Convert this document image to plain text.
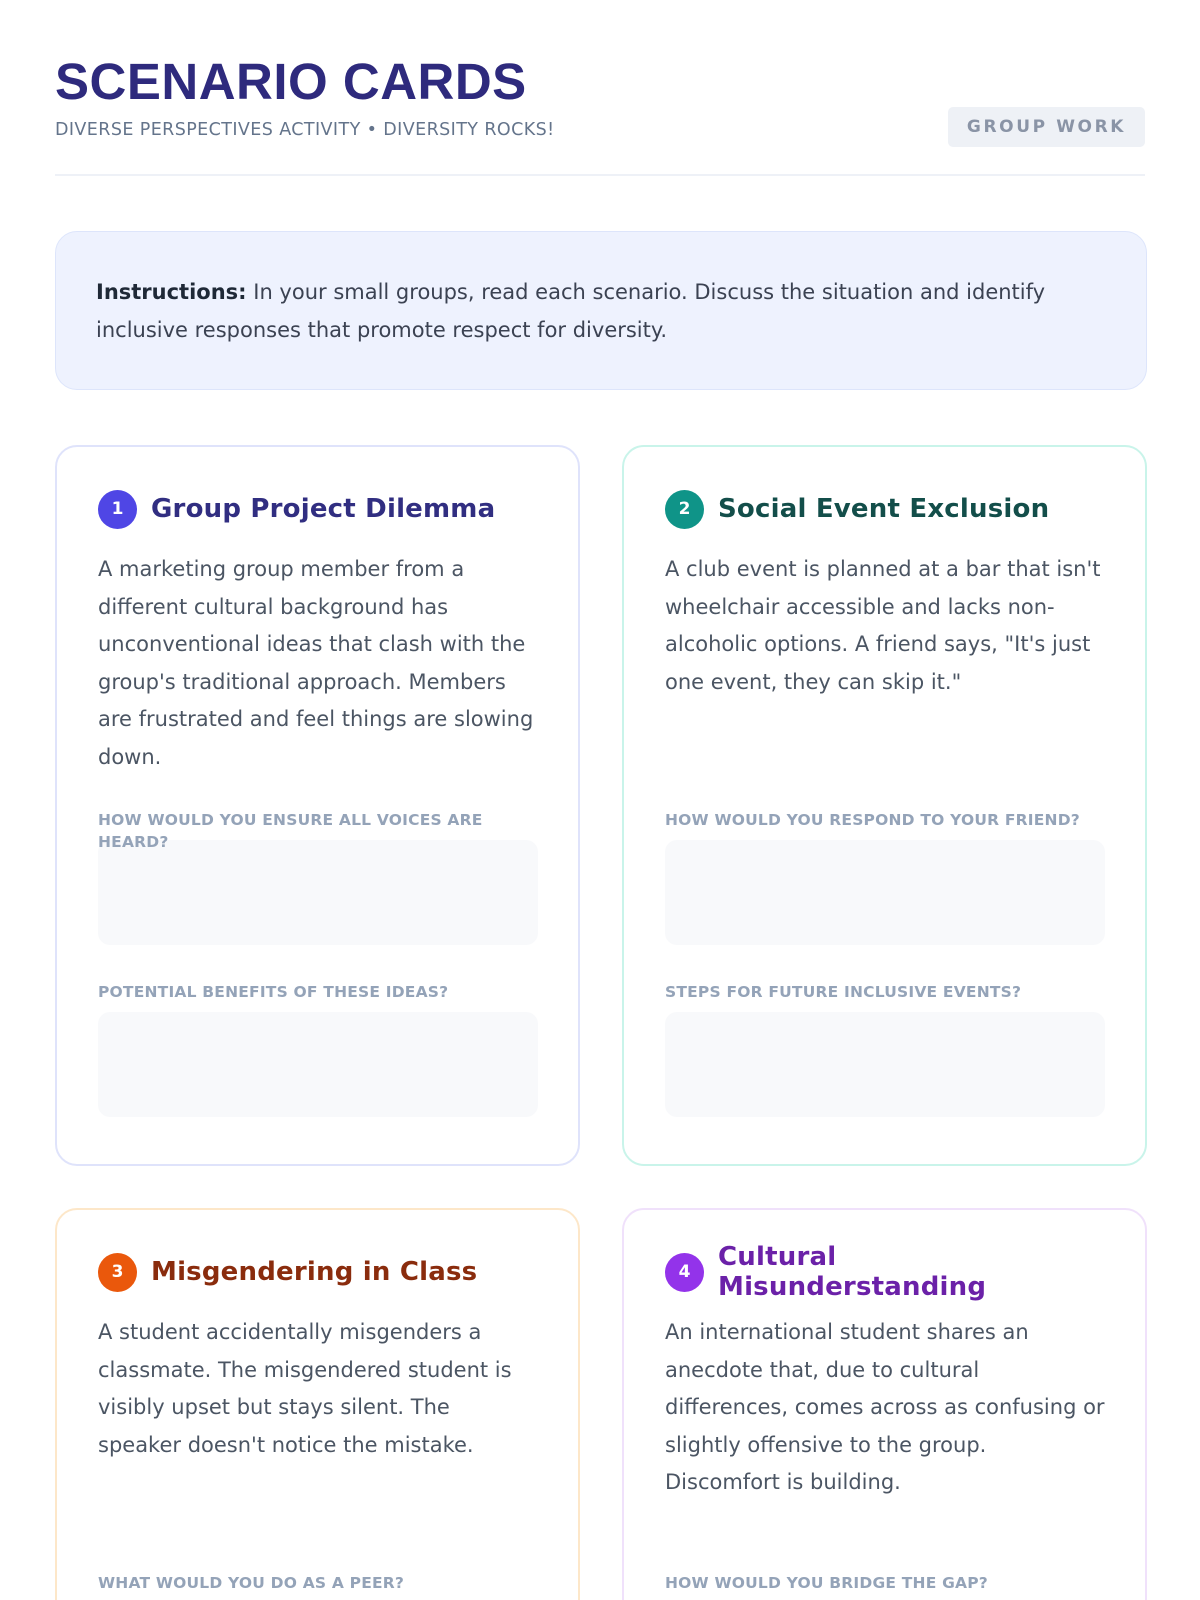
SCENARIO CARDS
DIVERSE PERSPECTIVES ACTIVITY • DIVERSITY ROCKS!	GROUP WORK
Instructions: In your small groups, read each scenario. Discuss the situation and identify inclusive responses that promote respect for diversity.
1	Group Project Dilemma
A marketing group member from a different cultural background has unconventional ideas that clash with the group's traditional approach. Members are frustrated and feel things are slowing down.
HOW WOULD YOU ENSURE ALL VOICES ARE HEARD?
POTENTIAL BENEFITS OF THESE IDEAS?
2	Social Event Exclusion
A club event is planned at a bar that isn't wheelchair accessible and lacks non-alcoholic options. A friend says, "It's just one event, they can skip it."
HOW WOULD YOU RESPOND TO YOUR FRIEND?
STEPS FOR FUTURE INCLUSIVE EVENTS?
3	Misgendering in Class
A student accidentally misgenders a classmate. The misgendered student is visibly upset but stays silent. The speaker doesn't notice the mistake.
WHAT WOULD YOU DO AS A PEER?
4	Cultural Misunderstanding
An international student shares an anecdote that, due to cultural differences, comes across as confusing or slightly offensive to the group. Discomfort is building.
HOW WOULD YOU BRIDGE THE GAP?
